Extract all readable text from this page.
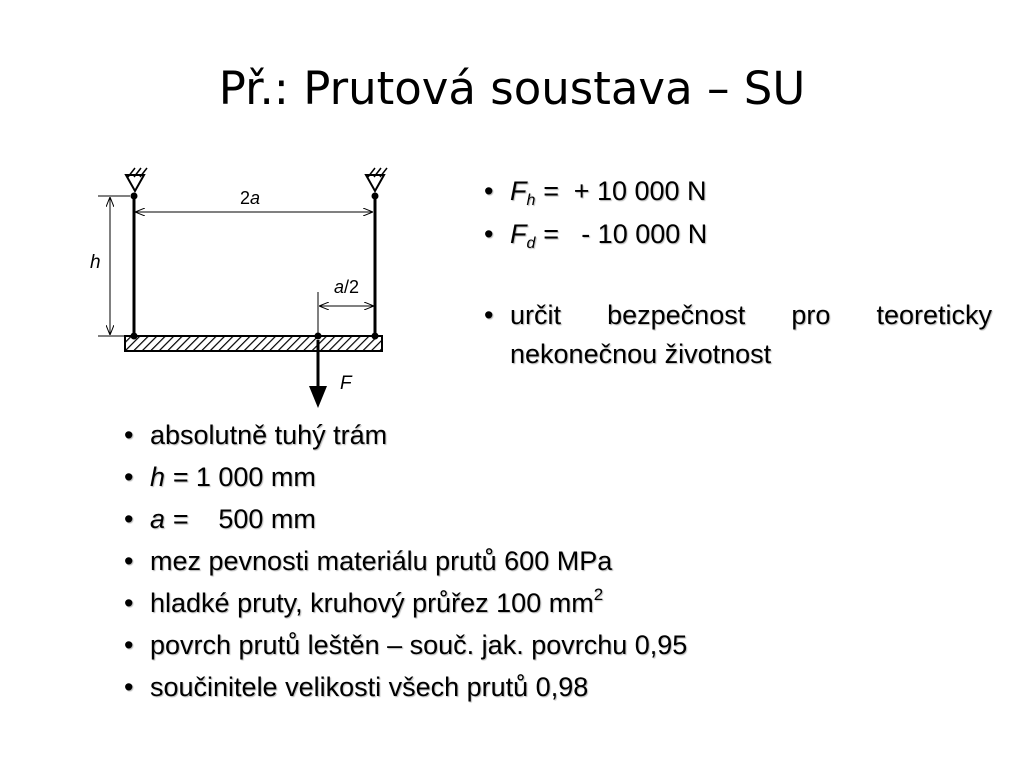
Př.: Prutová soustava – SU
2a
h
a/2
F
• $F_h$ =  + 10 000 N
• $F_d$ =   - 10 000 N
• určit bezpečnost pro teoreticky
nekonečnou životnost
• absolutně tuhý trám
• h = 1 000 mm
• a =    500 mm
• mez pevnosti materiálu prutů 600 MPa
• hladké pruty, kruhový průřez 100 $mm^2$
• povrch prutů leštěn – souč. jak. povrchu 0,95
• součinitele velikosti všech prutů 0,98
